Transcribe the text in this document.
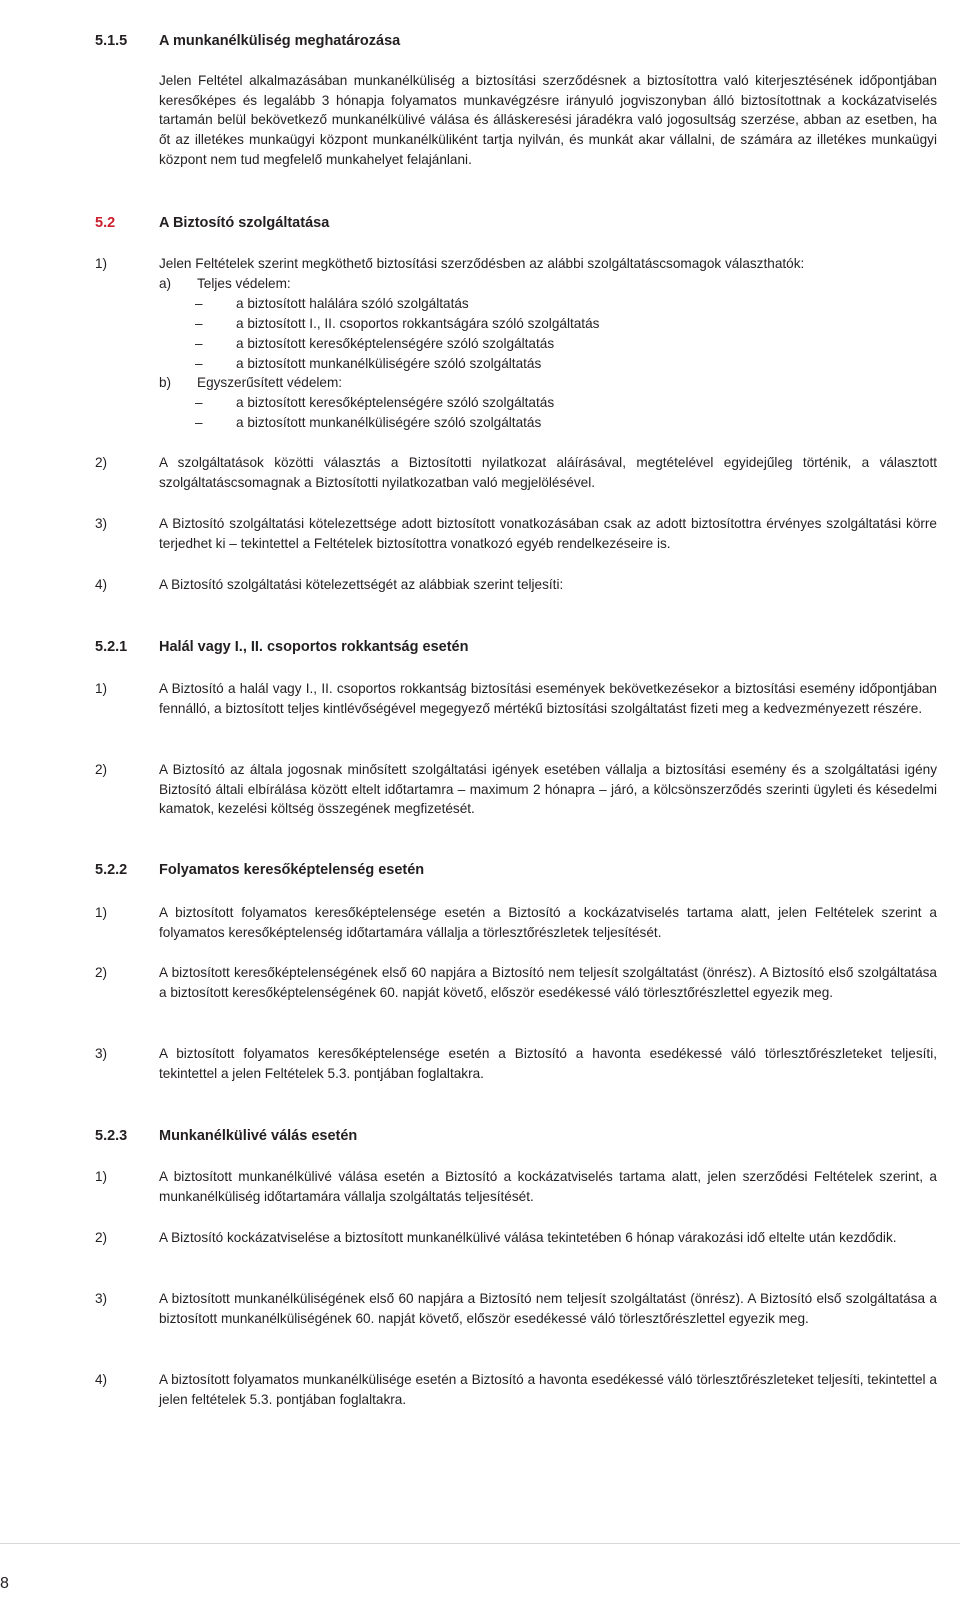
5.1.5 A munkanélküliség meghatározása
Jelen Feltétel alkalmazásában munkanélküliség a biztosítási szerződésnek a biztosítottra való kiterjesztésének időpontjában keresőképes és legalább 3 hónapja folyamatos munkavégzésre irányuló jogviszonyban álló biztosítottnak a kockázatviselés tartamán belül bekövetkező munkanélkülivé válása és álláskeresési járadékra való jogosultság szerzése, abban az esetben, ha őt az illetékes munkaügyi központ munkanélküliként tartja nyilván, és munkát akar vállalni, de számára az illetékes munkaügyi központ nem tud megfelelő munkahelyet felajánlani.
5.2	A Biztosító szolgáltatása
1)	Jelen Feltételek szerint megköthető biztosítási szerződésben az alábbi szolgáltatáscsomagok választhatók:
a)	Teljes védelem:
– a biztosított halálára szóló szolgáltatás
– a biztosított I., II. csoportos rokkantságára szóló szolgáltatás
– a biztosított keresőképtelenségére szóló szolgáltatás
– a biztosított munkanélküliségére szóló szolgáltatás
b)	Egyszerűsített védelem:
– a biztosított keresőképtelenségére szóló szolgáltatás
– a biztosított munkanélküliségére szóló szolgáltatás
2)	A szolgáltatások közötti választás a Biztosítotti nyilatkozat aláírásával, megtételével egyidejűleg történik, a választott szolgáltatáscsomagnak a Biztosítotti nyilatkozatban való megjelölésével.
3)	A Biztosító szolgáltatási kötelezettsége adott biztosított vonatkozásában csak az adott biztosítottra érvényes szolgáltatási körre terjedhet ki – tekintettel a Feltételek biztosítottra vonatkozó egyéb rendelkezéseire is.
4)	A Biztosító szolgáltatási kötelezettségét az alábbiak szerint teljesíti:
5.2.1 Halál vagy I., II. csoportos rokkantság esetén
1)	A Biztosító a halál vagy I., II. csoportos rokkantság biztosítási események bekövetkezésekor a biztosítási esemény időpontjában fennálló, a biztosított teljes kintlévőségével megegyező mértékű biztosítási szolgáltatást fizeti meg a kedvezményezett részére.
2)	A Biztosító az általa jogosnak minősített szolgáltatási igények esetében vállalja a biztosítási esemény és a szolgáltatási igény Biztosító általi elbírálása között eltelt időtartamra – maximum 2 hónapra – járó, a kölcsönszerződés szerinti ügyleti és késedelmi kamatok, kezelési költség összegének megfizetését.
5.2.2 Folyamatos keresőképtelenség esetén
1)	A biztosított folyamatos keresőképtelensége esetén a Biztosító a kockázatviselés tartama alatt, jelen Feltételek szerint a folyamatos keresőképtelenség időtartamára vállalja a törlesztőrészletek teljesítését.
2)	A biztosított keresőképtelenségének első 60 napjára a Biztosító nem teljesít szolgáltatást (önrész). A Biztosító első szolgáltatása a biztosított keresőképtelenségének 60. napját követő, először esedékessé váló törlesztőrészlettel egyezik meg.
3)	A biztosított folyamatos keresőképtelensége esetén a Biztosító a havonta esedékessé váló törlesztőrészleteket teljesíti, tekintettel a jelen Feltételek 5.3. pontjában foglaltakra.
5.2.3 Munkanélkülivé válás esetén
1)	A biztosított munkanélkülivé válása esetén a Biztosító a kockázatviselés tartama alatt, jelen szerződési Feltételek szerint, a munkanélküliség időtartamára vállalja szolgáltatás teljesítését.
2)	A Biztosító kockázatviselése a biztosított munkanélkülivé válása tekintetében 6 hónap várakozási idő eltelte után kezdődik.
3)	A biztosított munkanélküliségének első 60 napjára a Biztosító nem teljesít szolgáltatást (önrész). A Biztosító első szolgáltatása a biztosított munkanélküliségének 60. napját követő, először esedékessé váló törlesztőrészlettel egyezik meg.
4)	A biztosított folyamatos munkanélkülisége esetén a Biztosító a havonta esedékessé váló törlesztőrészleteket teljesíti, tekintettel a jelen feltételek 5.3. pontjában foglaltakra.
8
